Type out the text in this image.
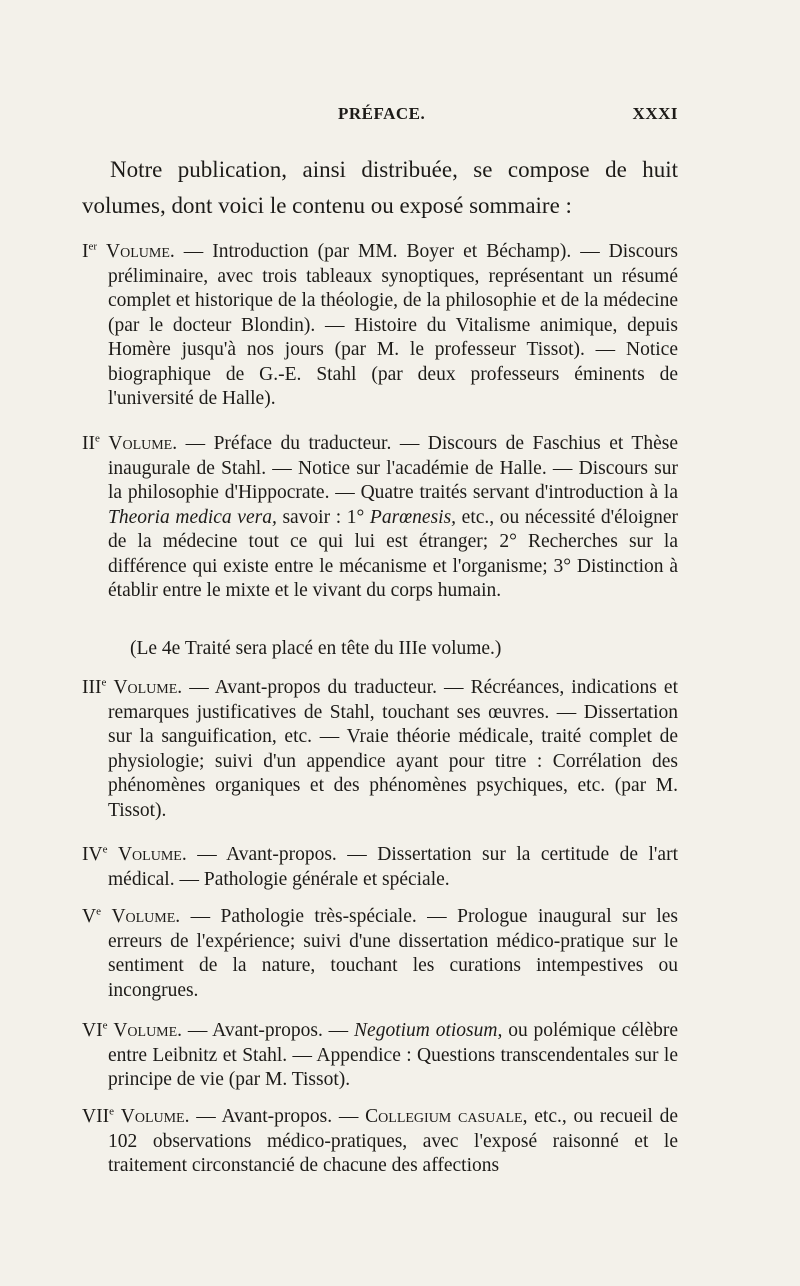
PRÉFACE.	XXXI
Notre publication, ainsi distribuée, se compose de huit volumes, dont voici le contenu ou exposé sommaire :
Ier Volume. — Introduction (par MM. Boyer et Béchamp). — Discours préliminaire, avec trois tableaux synoptiques, représentant un résumé complet et historique de la théologie, de la philosophie et de la médecine (par le docteur Blondin). — Histoire du Vitalisme animique, depuis Homère jusqu'à nos jours (par M. le professeur Tissot). — Notice biographique de G.-E. Stahl (par deux professeurs éminents de l'université de Halle).
IIe Volume. — Préface du traducteur. — Discours de Faschius et Thèse inaugurale de Stahl. — Notice sur l'académie de Halle. — Discours sur la philosophie d'Hippocrate. — Quatre traités servant d'introduction à la Theoria medica vera, savoir : 1° Parœnesis, etc., ou nécessité d'éloigner de la médecine tout ce qui lui est étranger; 2° Recherches sur la différence qui existe entre le mécanisme et l'organisme; 3° Distinction à établir entre le mixte et le vivant du corps humain.
(Le 4e Traité sera placé en tête du IIIe volume.)
IIIe Volume. — Avant-propos du traducteur. — Récréances, indications et remarques justificatives de Stahl, touchant ses œuvres. — Dissertation sur la sanguification, etc. — Vraie théorie médicale, traité complet de physiologie; suivi d'un appendice ayant pour titre : Corrélation des phénomènes organiques et des phénomènes psychiques, etc. (par M. Tissot).
IVe Volume. — Avant-propos. — Dissertation sur la certitude de l'art médical. — Pathologie générale et spéciale.
Ve Volume. — Pathologie très-spéciale. — Prologue inaugural sur les erreurs de l'expérience; suivi d'une dissertation médico-pratique sur le sentiment de la nature, touchant les curations intempestives ou incongrues.
VIe Volume. — Avant-propos. — Negotium otiosum, ou polémique célèbre entre Leibnitz et Stahl. — Appendice : Questions transcendentales sur le principe de vie (par M. Tissot).
VIIe Volume. — Avant-propos. — Collegium casuale, etc., ou recueil de 102 observations médico-pratiques, avec l'exposé raisonné et le traitement circonstancié de chacune des affections
